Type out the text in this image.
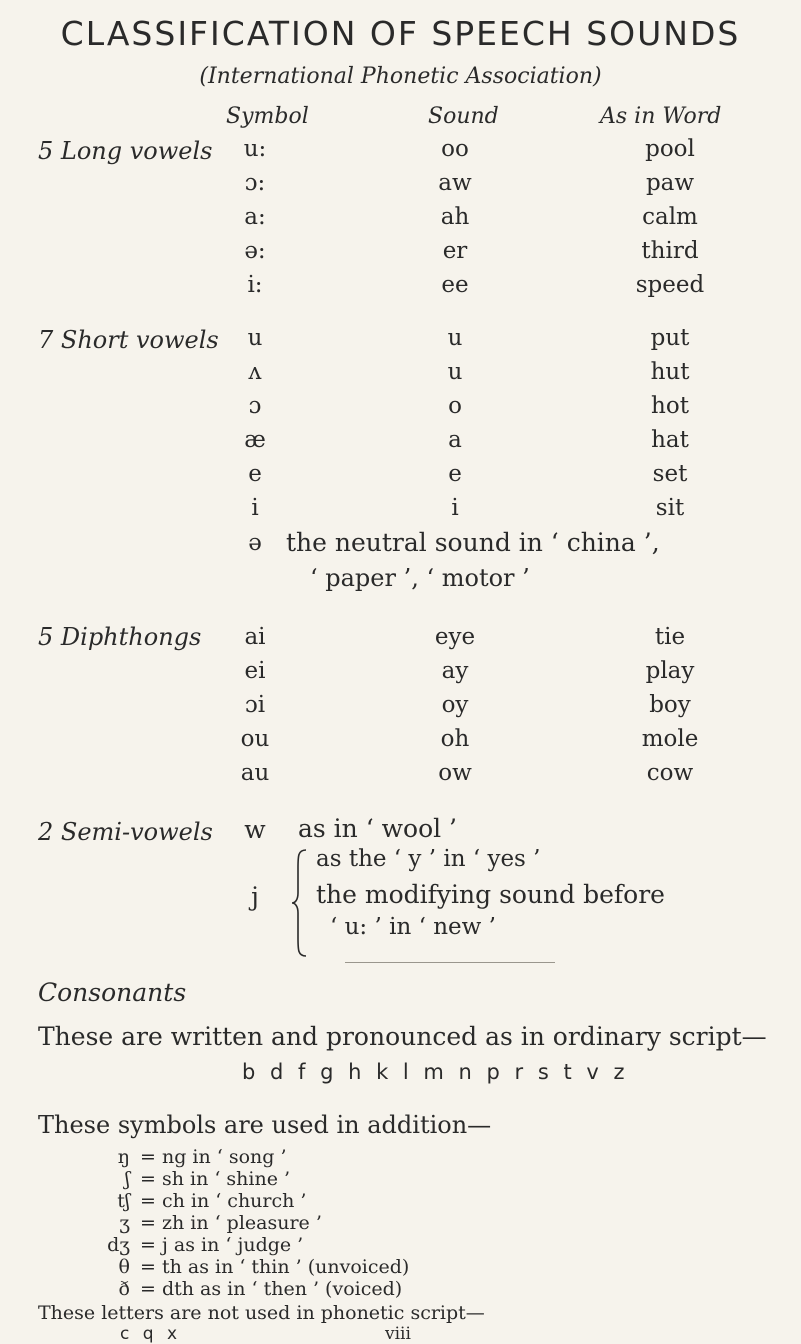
CLASSIFICATION OF SPEECH SOUNDS
(International Phonetic Association)
Symbol	Sound	As in Word
5 Long vowels	u:	oo	pool
ɔ:	aw	paw
a:	ah	calm
ə:	er	third
i:	ee	speed
7 Short vowels	u	u	put
ʌ	u	hut
ɔ	o	hot
æ	a	hat
e	e	set
i	i	sit
ə the neutral sound in ‘ china ’,
‘ paper ’, ‘ motor ’
5 Diphthongs	ai	eye	tie
ei	ay	play
ɔi	oy	boy
ou	oh	mole
au	ow	cow
2 Semi-vowels	w	as in ‘ wool ’
j
as the ‘ y ’ in ‘ yes ’
the modifying sound before
‘ u: ’ in ‘ new ’
Consonants
These are written and pronounced as in ordinary script—
b d f g h k l m n p r s t v z
These symbols are used in addition—
ŋ = ng in ‘ song ’
ʃ = sh in ‘ shine ’
tʃ = ch in ‘ church ’
ʒ = zh in ‘ pleasure ’
dʒ = j as in ‘ judge ’
θ = th as in ‘ thin ’ (unvoiced)
ð = dth as in ‘ then ’ (voiced)
These letters are not used in phonetic script—
c q x	viii
